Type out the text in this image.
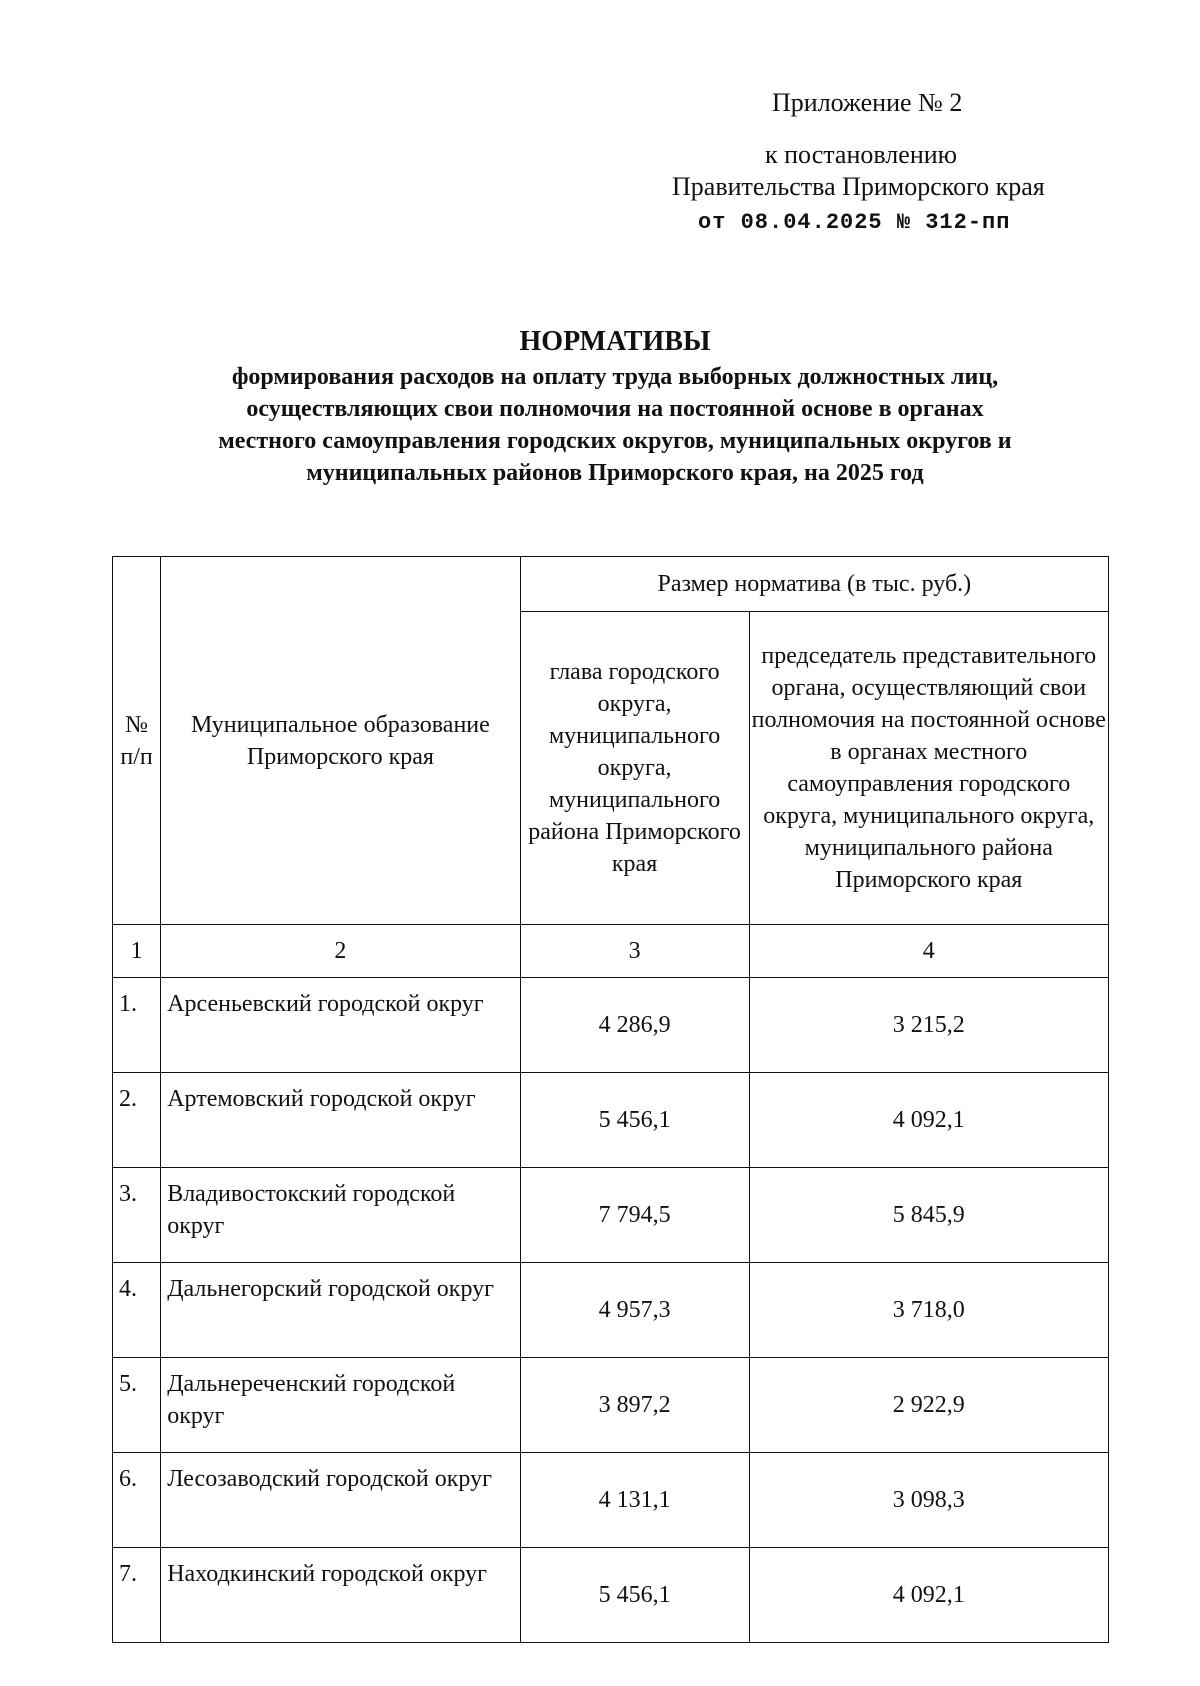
Приложение № 2
к постановлению
Правительства Приморского края
от 08.04.2025 № 312-пп
НОРМАТИВЫ
формирования расходов на оплату труда выборных должностных лиц,
осуществляющих свои полномочия на постоянной основе в органах
местного самоуправления городских округов, муниципальных округов и
муниципальных районов Приморского края, на 2025 год
№ п/п	Муниципальное образование Приморского края	Размер норматива (в тыс. руб.)	
		глава городского округа, муниципального округа, муниципального района Приморского края	председатель представительного органа, осуществляющий свои полномочия на постоянной основе в органах местного самоуправления городского округа, муниципального округа, муниципального района Приморского края
1	2	3	4
1.	Арсеньевский городской округ	4 286,9	3 215,2
2.	Артемовский городской округ	5 456,1	4 092,1
3.	Владивостокский городской округ	7 794,5	5 845,9
4.	Дальнегорский городской округ	4 957,3	3 718,0
5.	Дальнереченский городской округ	3 897,2	2 922,9
6.	Лесозаводский городской округ	4 131,1	3 098,3
7.	Находкинский городской округ	5 456,1	4 092,1
